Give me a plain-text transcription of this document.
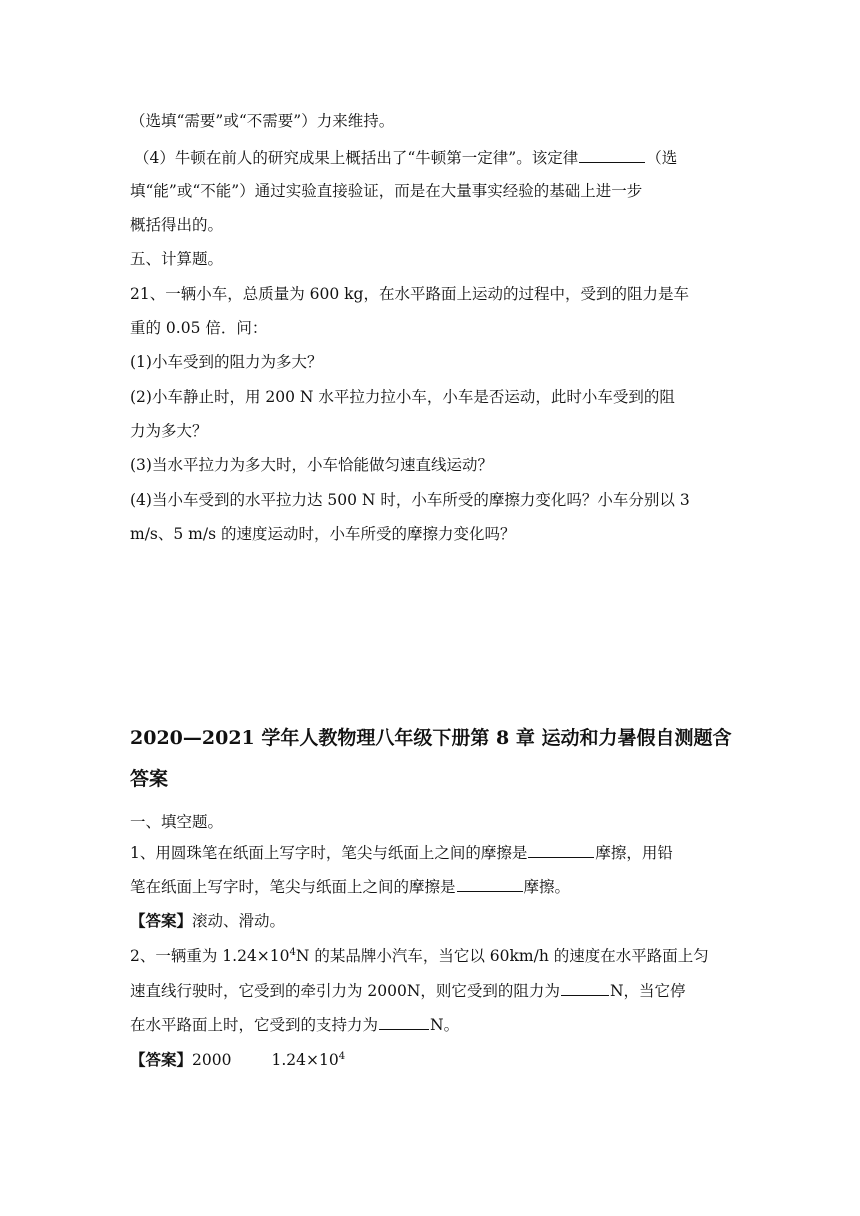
（选填“需要”或“不需要”）力来维持。
（4）牛顿在前人的研究成果上概括出了“牛顿第一定律”。该定律	（选
填“能”或“不能”）通过实验直接验证，而是在大量事实经验的基础上进一步
概括得出的。
五、计算题。
21、一辆小车，总质量为 600 kg，在水平路面上运动的过程中，受到的阻力是车
重的 0.05 倍．问：
(1)小车受到的阻力为多大？
(2)小车静止时，用 200 N 水平拉力拉小车，小车是否运动，此时小车受到的阻
力为多大？
(3)当水平拉力为多大时，小车恰能做匀速直线运动？
(4)当小车受到的水平拉力达 500 N 时，小车所受的摩擦力变化吗？小车分别以 3
m/s、5 m/s 的速度运动时，小车所受的摩擦力变化吗？
2020—2021 学年人教物理八年级下册第 8 章 运动和力暑假自测题含
答案
一、填空题。
1、用圆珠笔在纸面上写字时，笔尖与纸面上之间的摩擦是	摩擦，用铅
笔在纸面上写字时，笔尖与纸面上之间的摩擦是	摩擦。
【答案】滚动、滑动。
2、一辆重为 $1.24\times 10^4N$ 的某品牌小汽车，当它以 60km/h 的速度在水平路面上匀
速直线行驶时，它受到的牵引力为 2000N，则它受到的阻力为	N，当它停
在水平路面上时，它受到的支持力为	N。
【答案】2000	$1.24\times 10^4$
